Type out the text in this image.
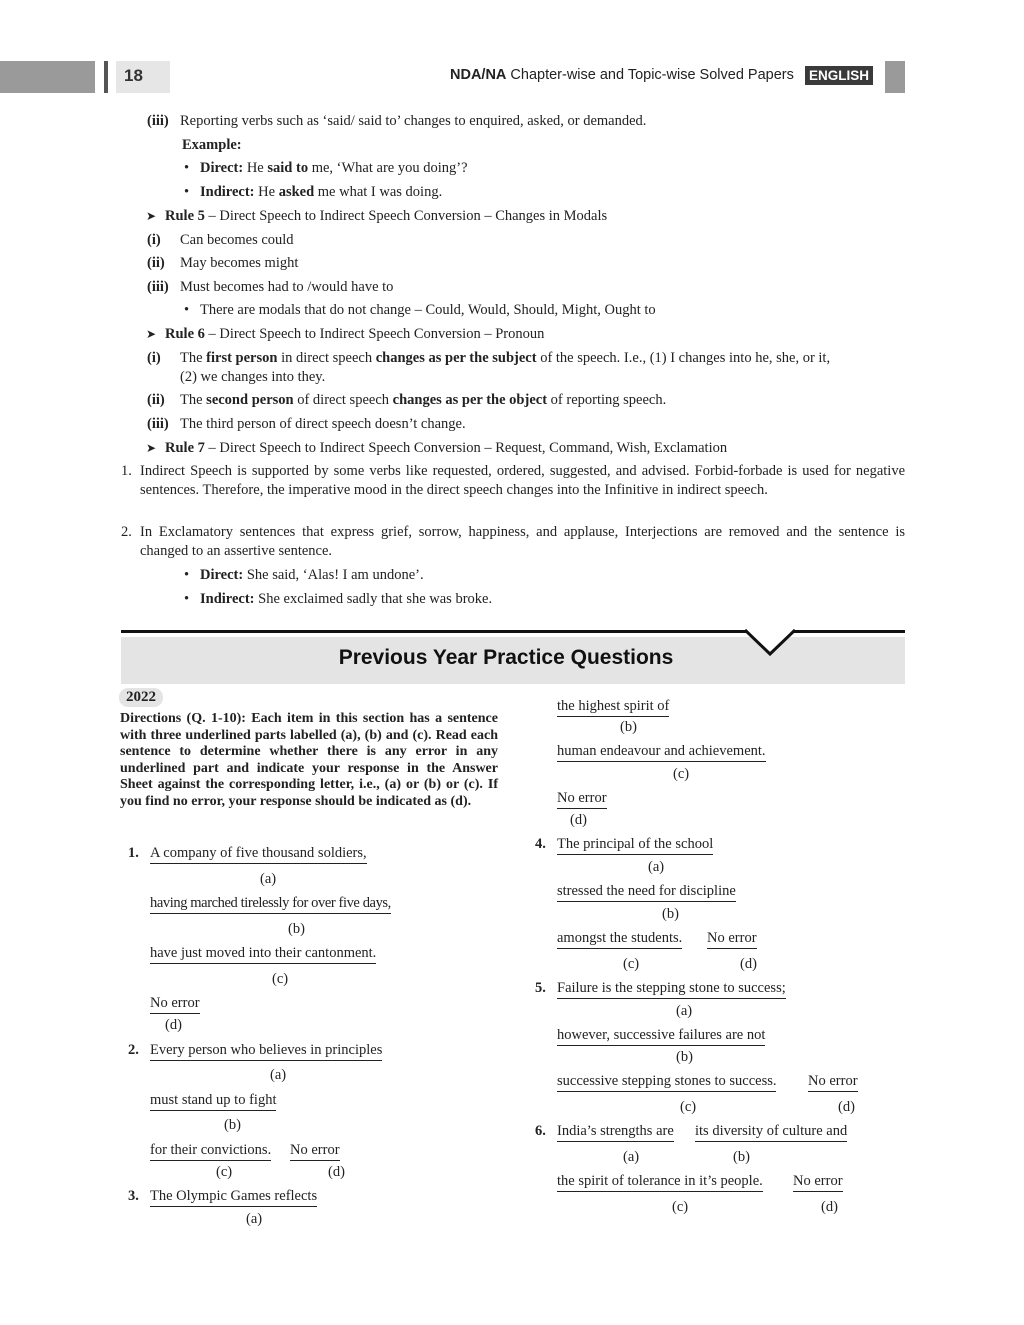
18	NDA/NA Chapter-wise and Topic-wise Solved Papers ENGLISH
(iii) Reporting verbs such as ‘said/ said to’ changes to enquired, asked, or demanded.
Example:
• Direct: He said to me, ‘What are you doing’?
• Indirect: He asked me what I was doing.
➤ Rule 5 – Direct Speech to Indirect Speech Conversion – Changes in Modals
(i) Can becomes could
(ii) May becomes might
(iii) Must becomes had to /would have to
• There are modals that do not change – Could, Would, Should, Might, Ought to
➤ Rule 6 – Direct Speech to Indirect Speech Conversion – Pronoun
(i) The first person in direct speech changes as per the subject of the speech. I.e., (1) I changes into he, she, or it,
(2) we changes into they.
(ii) The second person of direct speech changes as per the object of reporting speech.
(iii) The third person of direct speech doesn’t change.
➤ Rule 7 – Direct Speech to Indirect Speech Conversion – Request, Command, Wish, Exclamation
1. Indirect Speech is supported by some verbs like requested, ordered, suggested, and advised. Forbid-forbade is used for negative sentences. Therefore, the imperative mood in the direct speech changes into the Infinitive in indirect speech.
2. In Exclamatory sentences that express grief, sorrow, happiness, and applause, Interjections are removed and the sentence is changed to an assertive sentence.
• Direct: She said, ‘Alas! I am undone’.
• Indirect: She exclaimed sadly that she was broke.
Previous Year Practice Questions
2022
Directions (Q. 1-10): Each item in this section has a sentence with three underlined parts labelled (a), (b) and (c). Read each sentence to determine whether there is any error in any underlined part and indicate your response in the Answer Sheet against the corresponding letter, i.e., (a) or (b) or (c). If you find no error, your response should be indicated as (d).
1. A company of five thousand soldiers,
(a)
having marched tirelessly for over five days,
(b)
have just moved into their cantonment.
(c)
No error
(d)
2. Every person who believes in principles
(a)
must stand up to fight
(b)
for their convictions. No error
(c)	(d)
3. The Olympic Games reflects
(a)
the highest spirit of
(b)
human endeavour and achievement.
(c)
No error
(d)
4. The principal of the school
(a)
stressed the need for discipline
(b)
amongst the students. No error
(c)	(d)
5. Failure is the stepping stone to success;
(a)
however, successive failures are not
(b)
successive stepping stones to success. No error
(c)	(d)
6. India’s strengths are its diversity of culture and
(a)	(b)
the spirit of tolerance in it’s people. No error
(c)	(d)
